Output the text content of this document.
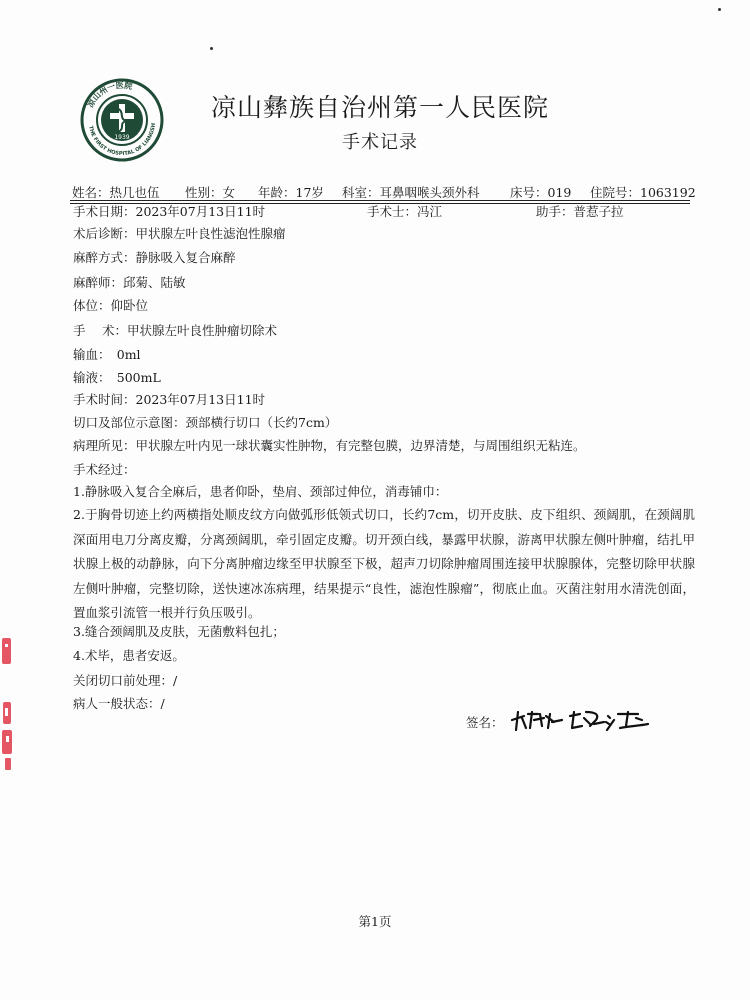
凉山州一医院
THE FIRST HOSPITAL OF LIANGSH
1939
凉山彝族自治州第一人民医院
手术记录
姓名：热几也伍 性别：女 年龄：17岁 科室：耳鼻咽喉头颈外科 床号：019 住院号：1063192
手术日期：2023年07月13日11时	手术士：冯江	助手：普惹子拉
术后诊断：甲状腺左叶良性滤泡性腺瘤
麻醉方式：静脉吸入复合麻醉
麻醉师：邱菊、陆敏
体位：仰卧位
手　 术：甲状腺左叶良性肿瘤切除术
输血：　0ml
输液：　500mL
手术时间：2023年07月13日11时
切口及部位示意图：颈部横行切口（长约7cm）
病理所见：甲状腺左叶内见一球状囊实性肿物，有完整包膜，边界清楚，与周围组织无粘连。
手术经过：
1.静脉吸入复合全麻后，患者仰卧，垫肩、颈部过伸位，消毒铺巾：
2.于胸骨切迹上约两横指处顺皮纹方向做弧形低领式切口，长约7cm，切开皮肤、皮下组织、颈阔肌，在颈阔肌深面用电刀分离皮瓣，分离颈阔肌，牵引固定皮瓣。切开颈白线，暴露甲状腺，游离甲状腺左侧叶肿瘤，结扎甲状腺上极的动静脉，向下分离肿瘤边缘至甲状腺至下极，超声刀切除肿瘤周围连接甲状腺腺体，完整切除甲状腺左侧叶肿瘤，完整切除，送快速冰冻病理，结果提示“良性，滤泡性腺瘤”，彻底止血。灭菌注射用水清洗创面，置血浆引流管一根并行负压吸引。
3.缝合颈阔肌及皮肤，无菌敷料包扎；
4.术毕，患者安返。
关闭切口前处理：/
病人一般状态：/
签名：
第1页
